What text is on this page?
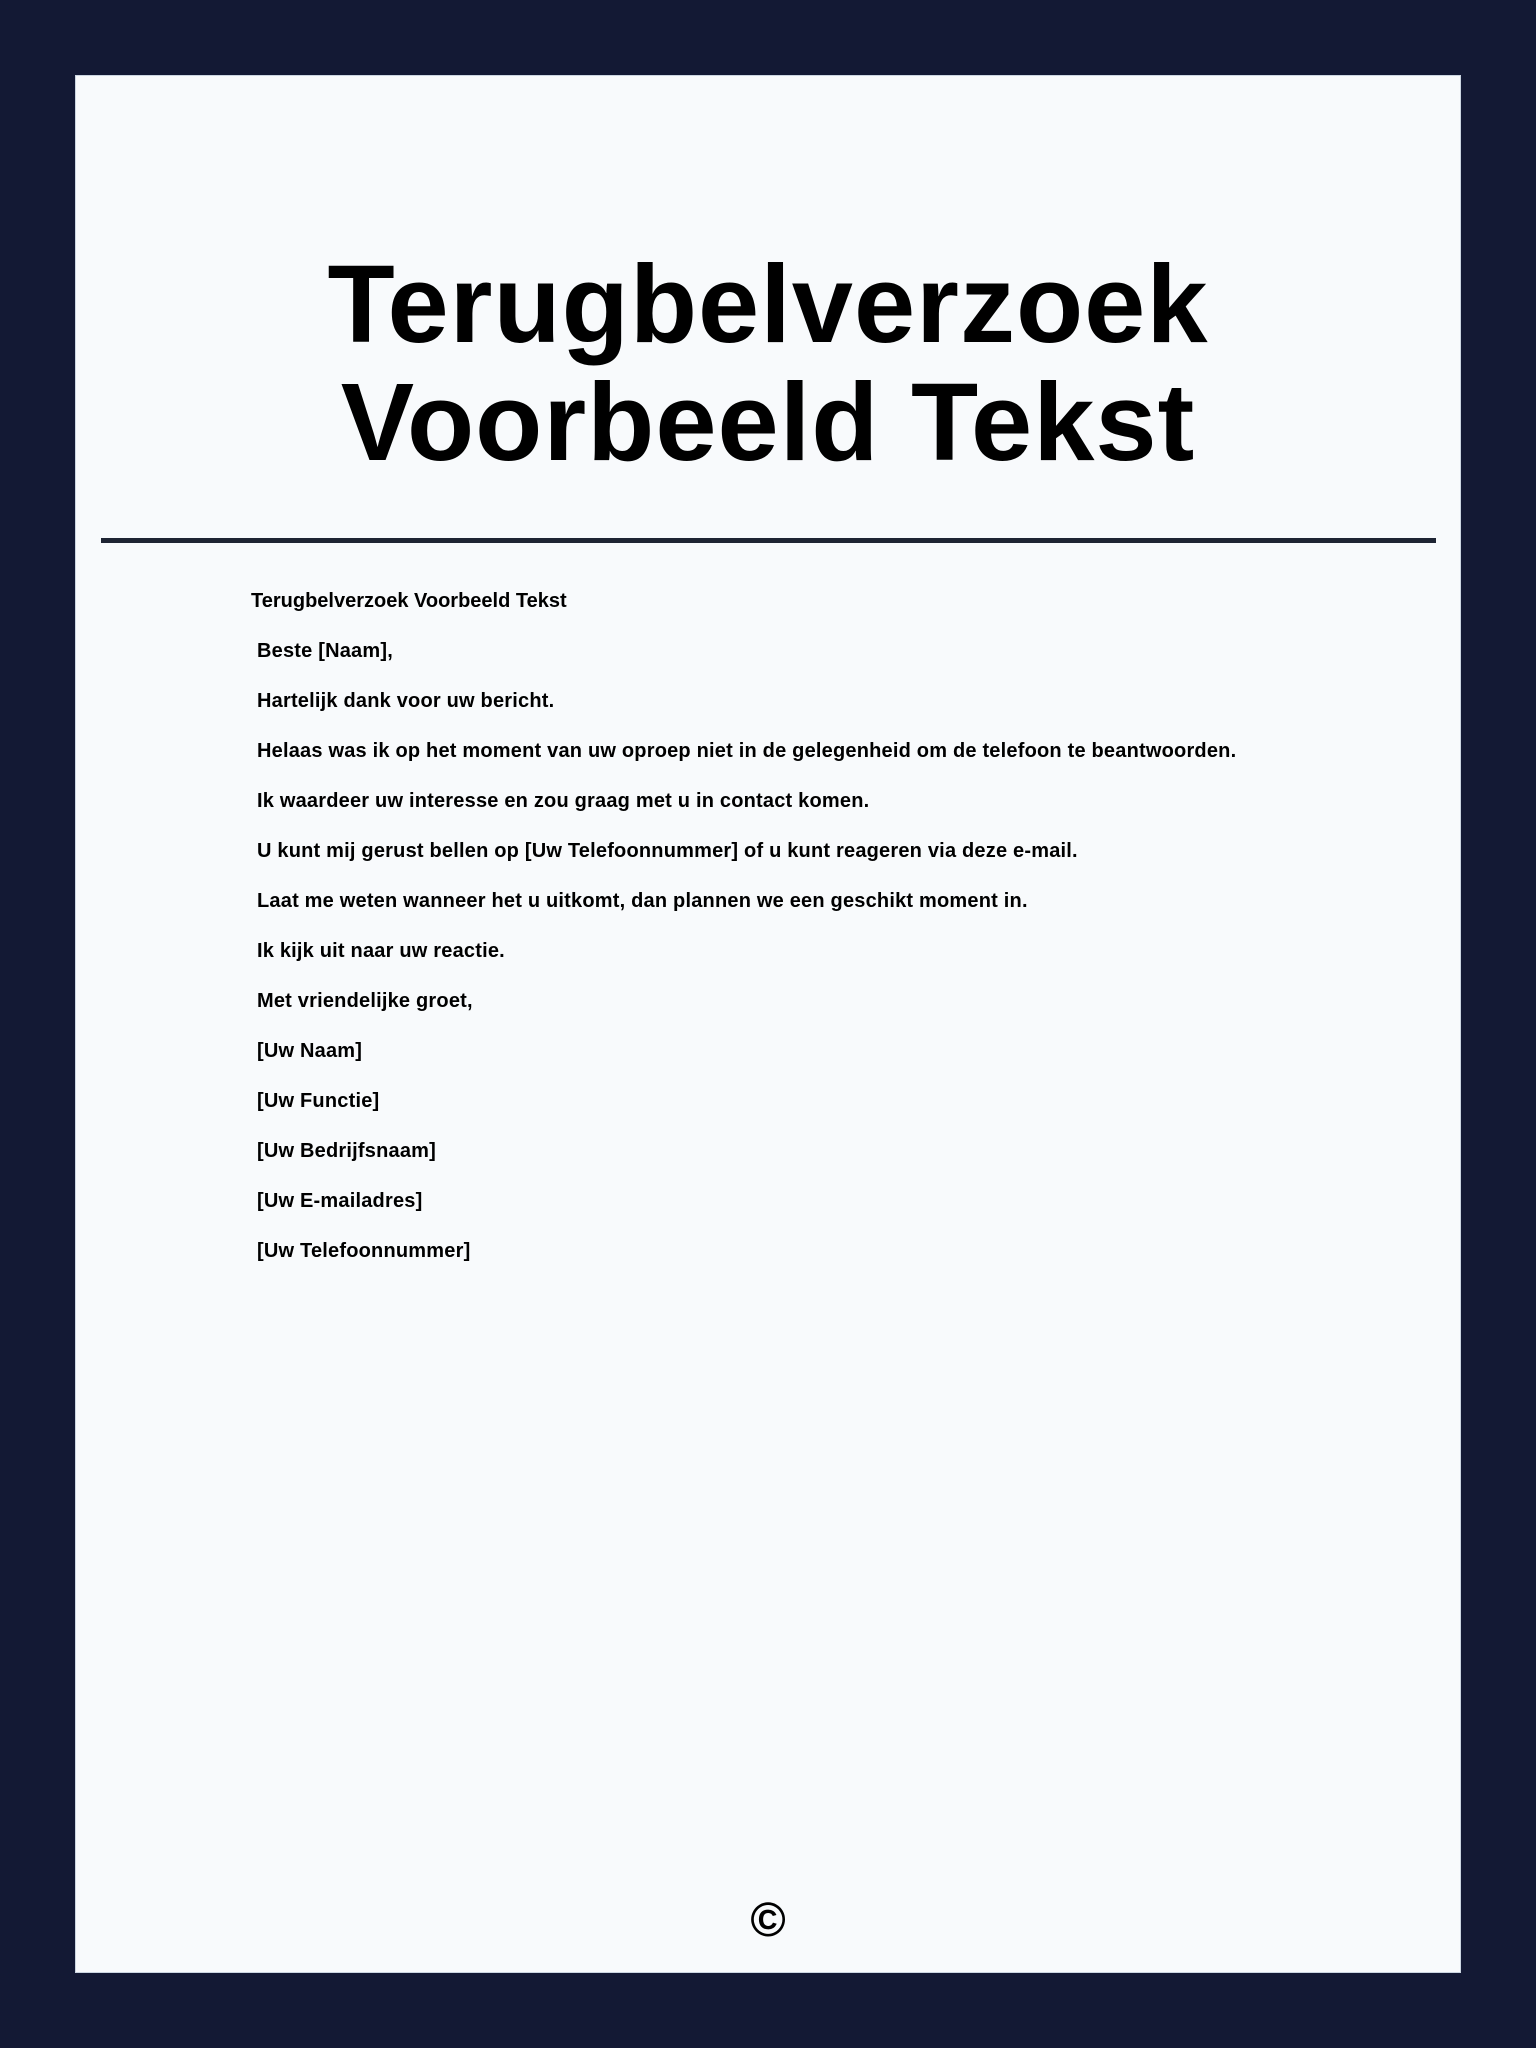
Terugbelverzoek Voorbeeld Tekst

Terugbelverzoek Voorbeeld Tekst

Beste [Naam],

Hartelijk dank voor uw bericht.

Helaas was ik op het moment van uw oproep niet in de gelegenheid om de telefoon te beantwoorden.

Ik waardeer uw interesse en zou graag met u in contact komen.

U kunt mij gerust bellen op [Uw Telefoonnummer] of u kunt reageren via deze e-mail.

Laat me weten wanneer het u uitkomt, dan plannen we een geschikt moment in.

Ik kijk uit naar uw reactie.

Met vriendelijke groet,

[Uw Naam]

[Uw Functie]

[Uw Bedrijfsnaam]

[Uw E-mailadres]

[Uw Telefoonnummer]

©
